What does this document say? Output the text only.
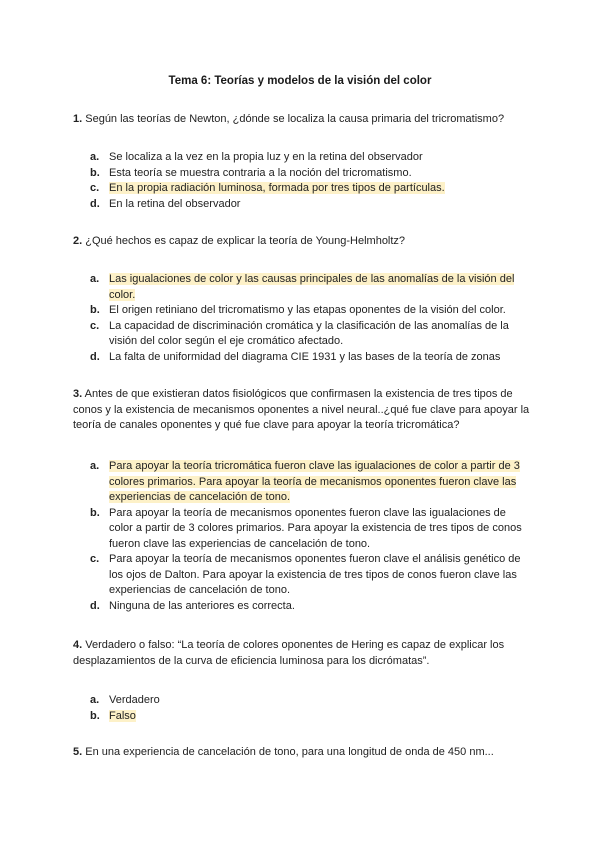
Tema 6: Teorías y modelos de la visión del color
1. Según las teorías de Newton, ¿dónde se localiza la causa primaria del tricromatismo?
a. Se localiza a la vez en la propia luz y en la retina del observador
b. Esta teoría se muestra contraria a la noción del tricromatismo.
c. En la propia radiación luminosa, formada por tres tipos de partículas.
d. En la retina del observador
2. ¿Qué hechos es capaz de explicar la teoría de Young-Helmholtz?
a. Las igualaciones de color y las causas principales de las anomalías de la visión del color.
b. El origen retiniano del tricromatismo y las etapas oponentes de la visión del color.
c. La capacidad de discriminación cromática y la clasificación de las anomalías de la visión del color según el eje cromático afectado.
d. La falta de uniformidad del diagrama CIE 1931 y las bases de la teoría de zonas
3. Antes de que existieran datos fisiológicos que confirmasen la existencia de tres tipos de conos y la existencia de mecanismos oponentes a nivel neural..¿qué fue clave para apoyar la teoría de canales oponentes y qué fue clave para apoyar la teoría tricromática?
a. Para apoyar la teoría tricromática fueron clave las igualaciones de color a partir de 3 colores primarios. Para apoyar la teoría de mecanismos oponentes fueron clave las experiencias de cancelación de tono.
b. Para apoyar la teoría de mecanismos oponentes fueron clave las igualaciones de color a partir de 3 colores primarios. Para apoyar la existencia de tres tipos de conos fueron clave las experiencias de cancelación de tono.
c. Para apoyar la teoría de mecanismos oponentes fueron clave el análisis genético de los ojos de Dalton. Para apoyar la existencia de tres tipos de conos fueron clave las experiencias de cancelación de tono.
d. Ninguna de las anteriores es correcta.
4. Verdadero o falso: “La teoría de colores oponentes de Hering es capaz de explicar los desplazamientos de la curva de eficiencia luminosa para los dicrómatas”.
a. Verdadero
b. Falso
5. En una experiencia de cancelación de tono, para una longitud de onda de 450 nm...
